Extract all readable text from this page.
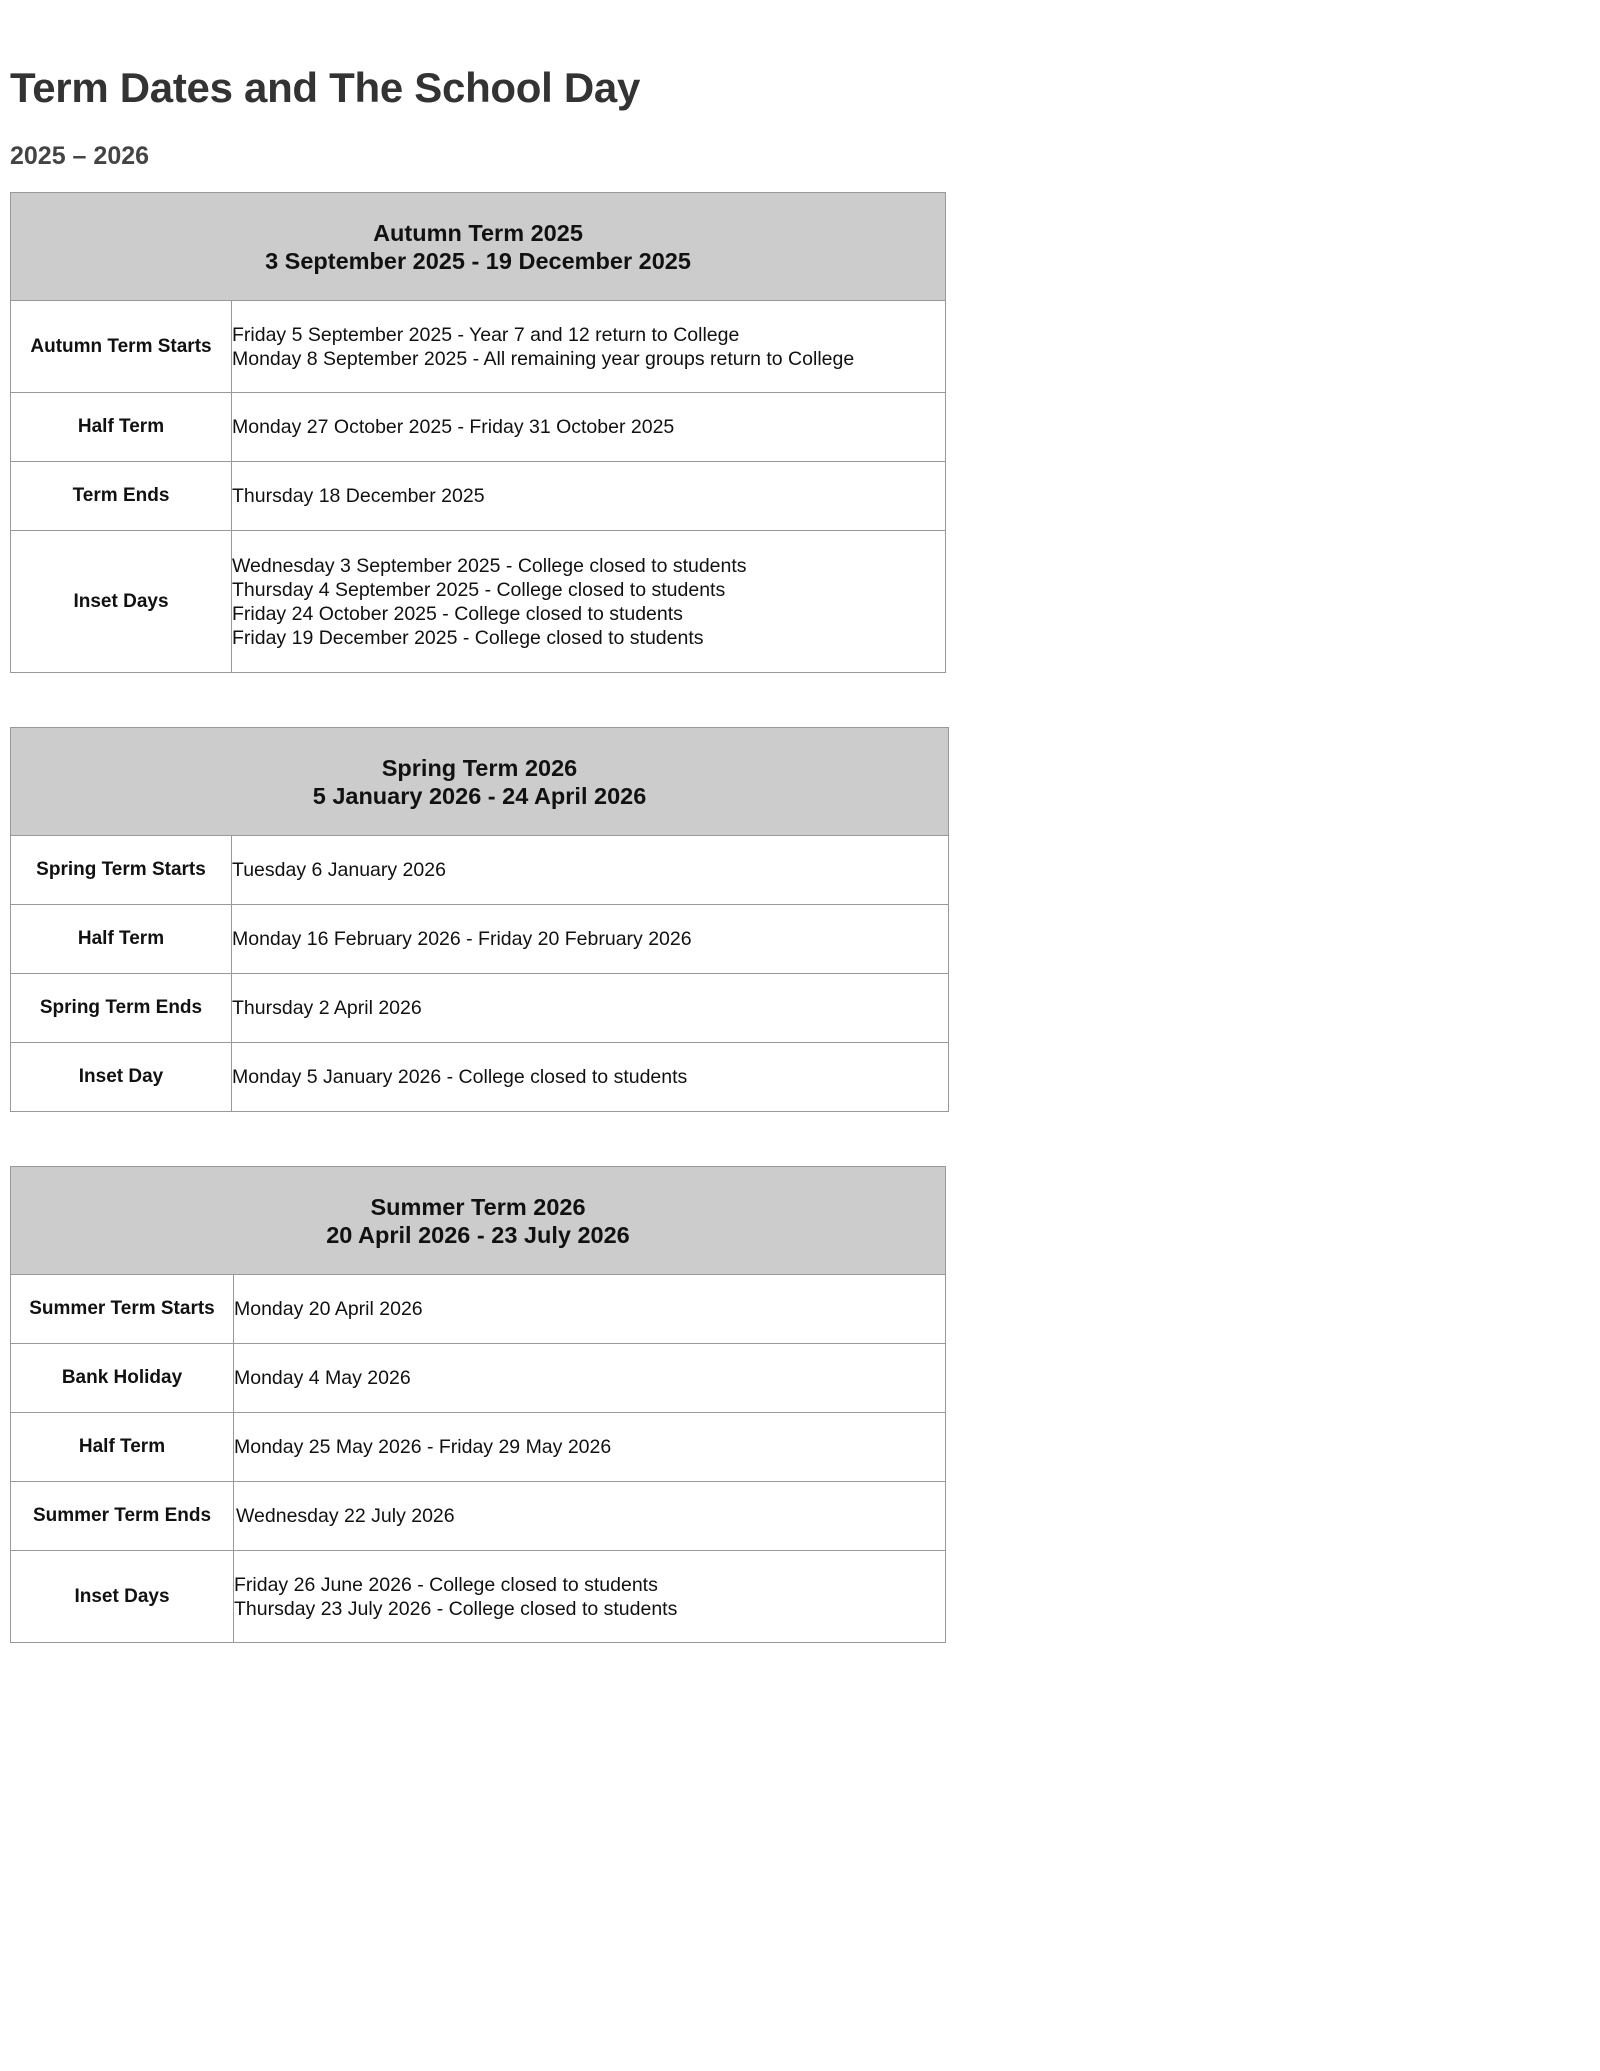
Term Dates and The School Day
2025 – 2026
Autumn Term 2025
3 September 2025 - 19 December 2025	

Autumn Term Starts	Friday 5 September 2025 - Year 7 and 12 return to College
Monday 8 September 2025 - All remaining year groups return to College

Half Term	Monday 27 October 2025 - Friday 31 October 2025

Term Ends	Thursday 18 December 2025

Inset Days	Wednesday 3 September 2025 - College closed to students
Thursday 4 September 2025 - College closed to students
Friday 24 October 2025 - College closed to students
Friday 19 December 2025 - College closed to students
Spring Term 2026
5 January 2026 - 24 April 2026	

Spring Term Starts	Tuesday 6 January 2026

Half Term	Monday 16 February 2026 - Friday 20 February 2026

Spring Term Ends	Thursday 2 April 2026

Inset Day	Monday 5 January 2026 - College closed to students
Summer Term 2026
20 April 2026 - 23 July 2026	

Summer Term Starts	Monday 20 April 2026

Bank Holiday	Monday 4 May 2026

Half Term	Monday 25 May 2026 - Friday 29 May 2026

Summer Term Ends	Wednesday 22 July 2026

Inset Days	Friday 26 June 2026 - College closed to students
Thursday 23 July 2026 - College closed to students
